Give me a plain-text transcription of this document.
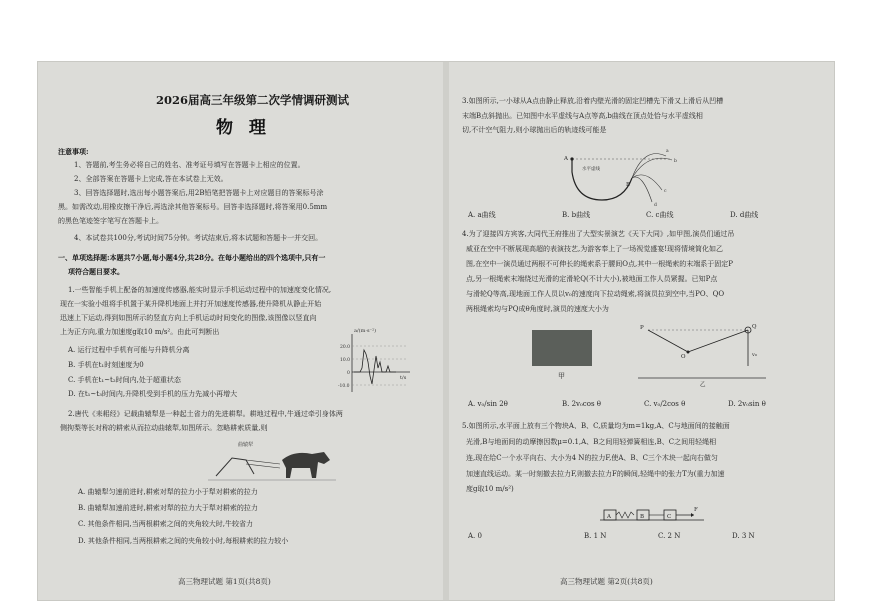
2026届高三年级第二次学情调研测试
物 理
注意事项:
1、答题前,考生务必将自己的姓名、准考证号填写在答题卡上相应的位置。
2、全部答案在答题卡上完成,答在本试卷上无效。
3、回答选择题时,选出每小题答案后,用2B铅笔把答题卡上对应题目的答案标号涂
黑。如需改动,用橡皮擦干净后,再选涂其他答案标号。回答非选择题时,将答案用0.5mm
的黑色笔迹签字笔写在答题卡上。
4、本试卷共100分,考试时间75分钟。考试结束后,将本试题和答题卡一并交回。
一、单项选择题:本题共7小题,每小题4分,共28分。在每小题给出的四个选项中,只有一
项符合题目要求。
1.一些智能手机上配备的加速度传感器,能实时显示手机运动过程中的加速度变化情况,
现在一实验小组将手机置于某升降机地面上并打开加速度传感器,使升降机从静止开始
迅速上下运动,得到如图所示的竖直方向上手机运动时间变化的图像,该图像以竖直向
上为正方向,重力加速度g取10 m/s²。由此可判断出
A. 运行过程中手机有可能与升降机分离
B. 手机在t₁时刻速度为0
C. 手机在t₁~t₂时间内,处于超重状态
D. 在t₁~t₃时间内,升降机受到手机的压力先减小再增大
a/(m·s⁻²)
t/s
20.0
10.0
0
-10.0
2.唐代《耒耜经》记载曲辕犁是一种起土省力的先进耕犁。耕地过程中,牛通过牵引身体两
侧拘梨等长对称的耕索从而拉动曲辕犁,如图所示。忽略耕索质量,则
曲辕犁
A. 曲辕犁匀速前进时,耕索对犁的拉力小于犁对耕索的拉力
B. 曲辕犁加速前进时,耕索对犁的拉力大于犁对耕索的拉力
C. 其他条件相同,当两根耕索之间的夹角较大时,牛较省力
D. 其他条件相同,当两根耕索之间的夹角较小时,每根耕索的拉力较小
高三物理试题 第1页(共8页)
3.如图所示,一小球从A点由静止释放,沿着内壁光滑的固定凹槽先下滑又上滑后从凹槽
末端B点斜抛出。已知图中水平虚线与A点等高,b曲线在顶点处恰与水平虚线相
切,不计空气阻力,则小球抛出后的轨迹线可能是
A
B
水平虚线
a
b
c
d
A. a曲线	B. b曲线	C. c曲线	D. d曲线
4.为了迎接四方宾客,大同代王府推出了大型实景演艺《天下大同》,如甲图,演员们通过吊
威亚在空中不断展现高超的表演技艺,为游客奉上了一场视觉盛宴!现将情境简化如乙
图,在空中一演员通过两根不可伸长的绳索系于腰间O点,其中一根绳索的末端系于固定P
点,另一根绳索末端绕过光滑的定滑轮Q(不计大小),被地面工作人员紧握。已知P点
与滑轮Q等高,现地面工作人员以v₀的速度向下拉动绳索,将演员拉到空中,当PO、QO
两根绳索均与PQ成θ角度时,演员的速度大小为
甲
P	Q
O	v₀
乙
A. v₀/sin 2θ	B. 2v₀cos θ	C. v₀/2cos θ	D. 2v₀sin θ
5.如图所示,水平面上放有三个物块A、B、C,质量均为m=1kg,A、C与地面间的接触面
光滑,B与地面间的动摩擦因数μ=0.1,A、B之间用轻弹簧相连,B、C之间用轻绳相
连,现在给C一个水平向右、大小为4 N的拉力F,使A、B、C三个木块一起向右做匀
加速直线运动。某一时刻撤去拉力F,则撤去拉力F的瞬间,轻绳中的张力T为(重力加速
度g取10 m/s²)
A	B	C
F
A. 0	B. 1 N	C. 2 N	D. 3 N
高三物理试题 第2页(共8页)
